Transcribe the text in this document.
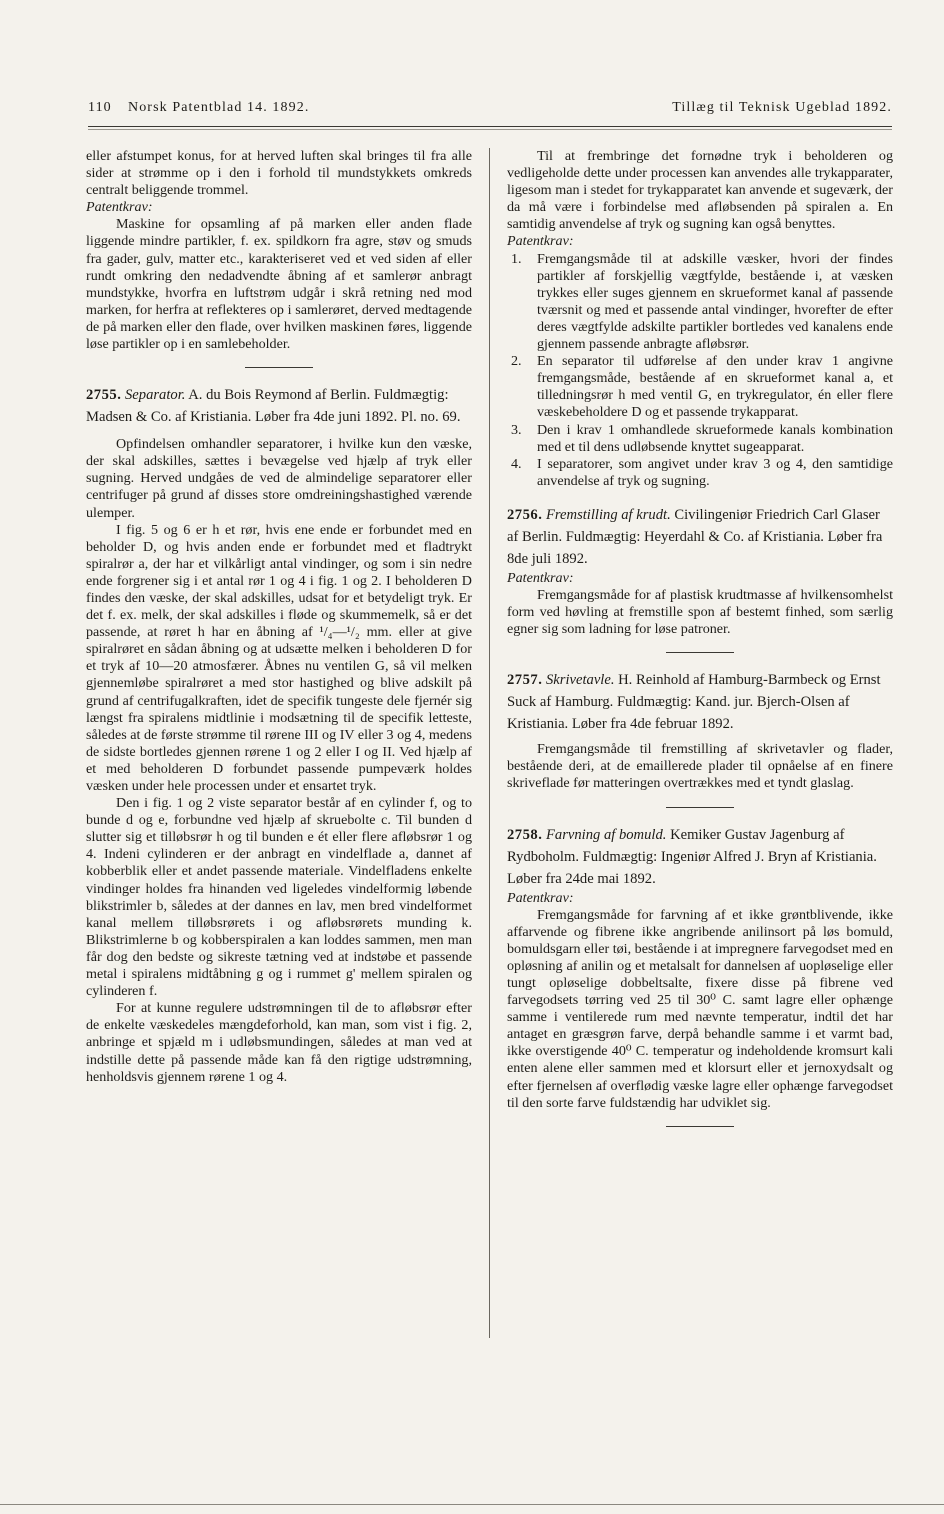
110 Norsk Patentblad 14. 1892.	Tillæg til Teknisk Ugeblad 1892.

eller afstumpet konus, for at herved luften skal bringes til fra alle sider at strømme op i den i forhold til mundstykkets omkreds centralt beliggende trommel.

Patentkrav:

Maskine for opsamling af på marken eller anden flade liggende mindre partikler, f. ex. spildkorn fra agre, støv og smuds fra gader, gulv, matter etc., karakteriseret ved et ved siden af eller rundt omkring den nedadvendte åbning af et samlerør anbragt mundstykke, hvorfra en luftstrøm udgår i skrå retning ned mod marken, for herfra at reflekteres op i samlerøret, derved medtagende de på marken eller den flade, over hvilken maskinen føres, liggende løse partikler op i en samlebeholder.

2755. Separator. A. du Bois Reymond af Berlin. Fuldmægtig: Madsen & Co. af Kristiania. Løber fra 4de juni 1892. Pl. no. 69.

Opfindelsen omhandler separatorer, i hvilke kun den væske, der skal adskilles, sættes i bevægelse ved hjælp af tryk eller sugning. Herved undgåes de ved de almindelige separatorer eller centrifuger på grund af disses store omdreiningshastighed værende ulemper.

I fig. 5 og 6 er h et rør, hvis ene ende er forbundet med en beholder D, og hvis anden ende er forbundet med et fladtrykt spiralrør a, der har et vilkårligt antal vindinger, og som i sin nedre ende forgrener sig i et antal rør 1 og 4 i fig. 1 og 2. I beholderen D findes den væske, der skal adskilles, udsat for et betydeligt tryk. Er det f. ex. melk, der skal adskilles i fløde og skummemelk, så er det passende, at røret h har en åbning af ¹/₄—¹/₂ mm. eller at give spiralrøret en sådan åbning og at udsætte melken i beholderen D for et tryk af 10—20 atmosfærer. Åbnes nu ventilen G, så vil melken gjennemløbe spiralrøret a med stor hastighed og blive adskilt på grund af centrifugalkraften, idet de specifik tungeste dele fjernér sig længst fra spiralens midtlinie i modsætning til de specifik letteste, således at de første strømme til rørene III og IV eller 3 og 4, medens de sidste bortledes gjennen rørene 1 og 2 eller I og II. Ved hjælp af et med beholderen D forbundet passende pumpeværk holdes væsken under hele processen under et ensartet tryk.

Den i fig. 1 og 2 viste separator består af en cylinder f, og to bunde d og e, forbundne ved hjælp af skruebolte c. Til bunden d slutter sig et tilløbsrør h og til bunden e ét eller flere afløbsrør 1 og 4. Indeni cylinderen er der anbragt en vindelflade a, dannet af kobberblik eller et andet passende materiale. Vindelfladens enkelte vindinger holdes fra hinanden ved ligeledes vindelformig løbende blikstrimler b, således at der dannes en lav, men bred vindelformet kanal mellem tilløbsrørets i og afløbsrørets munding k. Blikstrimlerne b og kobberspiralen a kan loddes sammen, men man får dog den bedste og sikreste tætning ved at indstøbe et passende metal i spiralens midtåbning g og i rummet g' mellem spiralen og cylinderen f.

For at kunne regulere udstrømningen til de to afløbsrør efter de enkelte væskedeles mængdeforhold, kan man, som vist i fig. 2, anbringe et spjæld m i udløbsmundingen, således at man ved at indstille dette på passende måde kan få den rigtige udstrømning, henholdsvis gjennem rørene 1 og 4.

Til at frembringe det fornødne tryk i beholderen og vedligeholde dette under processen kan anvendes alle trykapparater, ligesom man i stedet for trykapparatet kan anvende et sugeværk, der da må være i forbindelse med afløbsenden på spiralen a. En samtidig anvendelse af tryk og sugning kan også benyttes.

Patentkrav:

1. Fremgangsmåde til at adskille væsker, hvori der findes partikler af forskjellig vægtfylde, bestående i, at væsken trykkes eller suges gjennem en skrueformet kanal af passende tværsnit og med et passende antal vindinger, hvorefter de efter deres vægtfylde adskilte partikler bortledes ved kanalens ende gjennem passende anbragte afløbsrør.
2. En separator til udførelse af den under krav 1 angivne fremgangsmåde, bestående af en skrueformet kanal a, et tilledningsrør h med ventil G, en trykregulator, én eller flere væskebeholdere D og et passende trykapparat.
3. Den i krav 1 omhandlede skrueformede kanals kombination med et til dens udløbsende knyttet sugeapparat.
4. I separatorer, som angivet under krav 3 og 4, den samtidige anvendelse af tryk og sugning.

2756. Fremstilling af krudt. Civilingeniør Friedrich Carl Glaser af Berlin. Fuldmægtig: Heyerdahl & Co. af Kristiania. Løber fra 8de juli 1892.

Patentkrav:

Fremgangsmåde for af plastisk krudtmasse af hvilkensomhelst form ved høvling at fremstille spon af bestemt finhed, som særlig egner sig som ladning for løse patroner.

2757. Skrivetavle. H. Reinhold af Hamburg-Barmbeck og Ernst Suck af Hamburg. Fuldmægtig: Kand. jur. Bjerch-Olsen af Kristiania. Løber fra 4de februar 1892.

Fremgangsmåde til fremstilling af skrivetavler og flader, bestående deri, at de emaillerede plader til opnåelse af en finere skriveflade før matteringen overtrækkes med et tyndt glaslag.

2758. Farvning af bomuld. Kemiker Gustav Jagenburg af Rydboholm. Fuldmægtig: Ingeniør Alfred J. Bryn af Kristiania. Løber fra 24de mai 1892.

Patentkrav:

Fremgangsmåde for farvning af et ikke grøntblivende, ikke affarvende og fibrene ikke angribende anilinsort på løs bomuld, bomuldsgarn eller tøi, bestående i at impregnere farvegodset med en opløsning af anilin og et metalsalt for dannelsen af uopløselige eller tungt opløselige dobbeltsalte, fixere disse på fibrene ved farvegodsets tørring ved 25 til 30⁰ C. samt lagre eller ophænge samme i ventilerede rum med nævnte temperatur, indtil det har antaget en græsgrøn farve, derpå behandle samme i et varmt bad, ikke overstigende 40⁰ C. temperatur og indeholdende kromsurt kali enten alene eller sammen med et klorsurt eller et jernoxydsalt og efter fjernelsen af overflødig væske lagre eller ophænge farvegodset til den sorte farve fuldstændig har udviklet sig.
